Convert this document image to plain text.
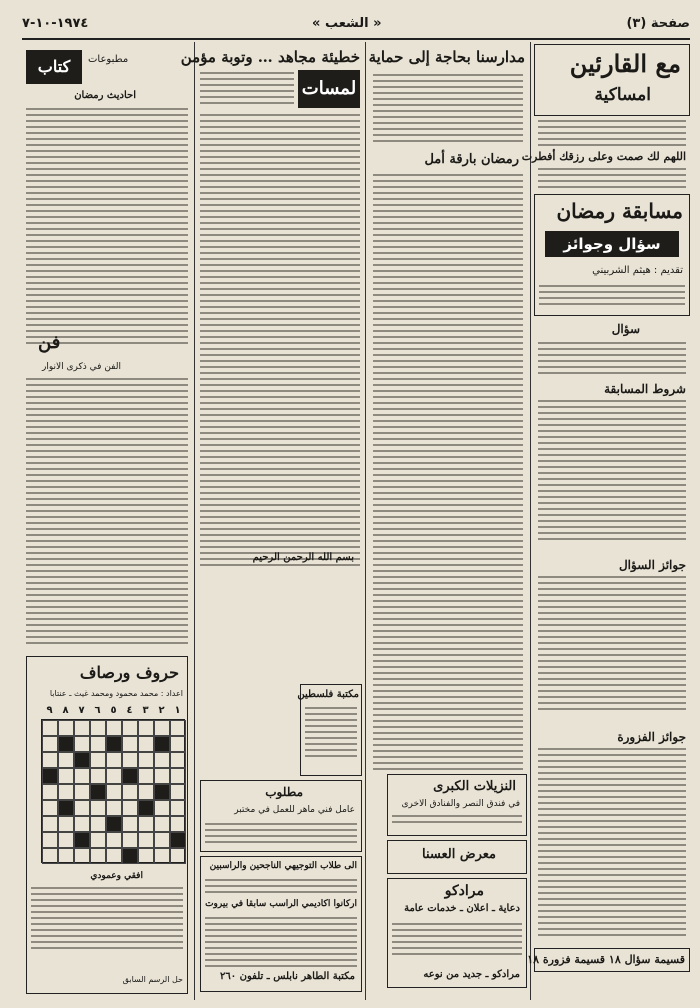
صفحة (٣)
« الشعب »
١٩٧٤-١٠-٧
مع القارئين
امساكية
اللهم لك صمت وعلى رزقك أفطرت
مسابقة رمضان
سؤال وجوائز
تقديم : هيثم الشربيني
سؤال
شروط المسابقة
جوائز السؤال
جوائز الفزورة
قسيمة سؤال ١٨ قسيمة فزورة ١٨
مدارسنا بحاجة إلى حماية
رمضان بارقة أمل
النزيلات الكبرى
في فندق النصر والفنادق الاخرى
معرض العسنا
مرادكو
دعاية ـ اعلان ـ خدمات عامة
مرادكو ـ جديد من نوعه
خطيئة مجاهد … وتوبة مؤمن
لمسات
بسم الله الرحمن الرحيم
مكتبة فلسطين
مطلوب
عامل فني ماهر للعمل في مختبر
الى طلاب التوجيهي الناجحين والراسبين
اركانوا اكاديمي الراسب سابقا في بيروت
مكتبة الطاهر نابلس ـ تلفون ٢٦٠
كتاب	مطبوعات
احاديث رمضان
فن
الفن في ذكرى الانوار
حروف ورصاف
اعداد : محمد محمود ومحمد غيث ـ عنتابا
٩ ٨ ٧ ٦ ٥ ٤ ٣ ٢ ١
افقي وعمودي
حل الرسم السابق
